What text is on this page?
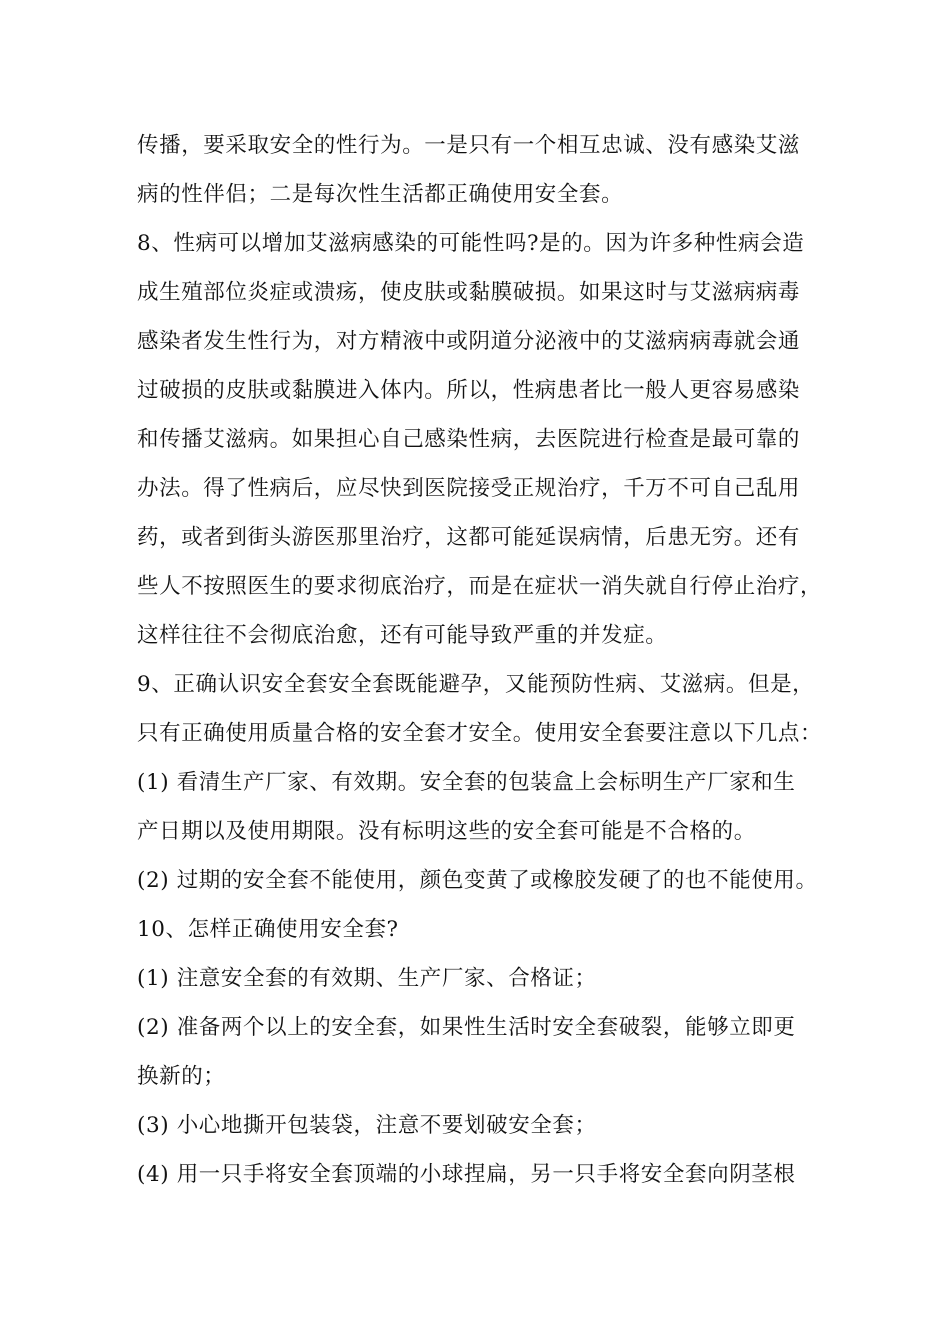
传播，要采取安全的性行为。一是只有一个相互忠诚、没有感染艾滋
病的性伴侣；二是每次性生活都正确使用安全套。
8、性病可以增加艾滋病感染的可能性吗?是的。因为许多种性病会造
成生殖部位炎症或溃疡，使皮肤或黏膜破损。如果这时与艾滋病病毒
感染者发生性行为，对方精液中或阴道分泌液中的艾滋病病毒就会通
过破损的皮肤或黏膜进入体内。所以，性病患者比一般人更容易感染
和传播艾滋病。如果担心自己感染性病，去医院进行检查是最可靠的
办法。得了性病后，应尽快到医院接受正规治疗，千万不可自己乱用
药，或者到街头游医那里治疗，这都可能延误病情，后患无穷。还有
些人不按照医生的要求彻底治疗，而是在症状一消失就自行停止治疗，
这样往往不会彻底治愈，还有可能导致严重的并发症。
9、正确认识安全套安全套既能避孕，又能预防性病、艾滋病。但是，
只有正确使用质量合格的安全套才安全。使用安全套要注意以下几点：
(1) 看清生产厂家、有效期。安全套的包装盒上会标明生产厂家和生
产日期以及使用期限。没有标明这些的安全套可能是不合格的。
(2) 过期的安全套不能使用，颜色变黄了或橡胶发硬了的也不能使用。
10、怎样正确使用安全套?
(1) 注意安全套的有效期、生产厂家、合格证；
(2) 准备两个以上的安全套，如果性生活时安全套破裂，能够立即更
换新的；
(3) 小心地撕开包装袋，注意不要划破安全套；
(4) 用一只手将安全套顶端的小球捏扁，另一只手将安全套向阴茎根
